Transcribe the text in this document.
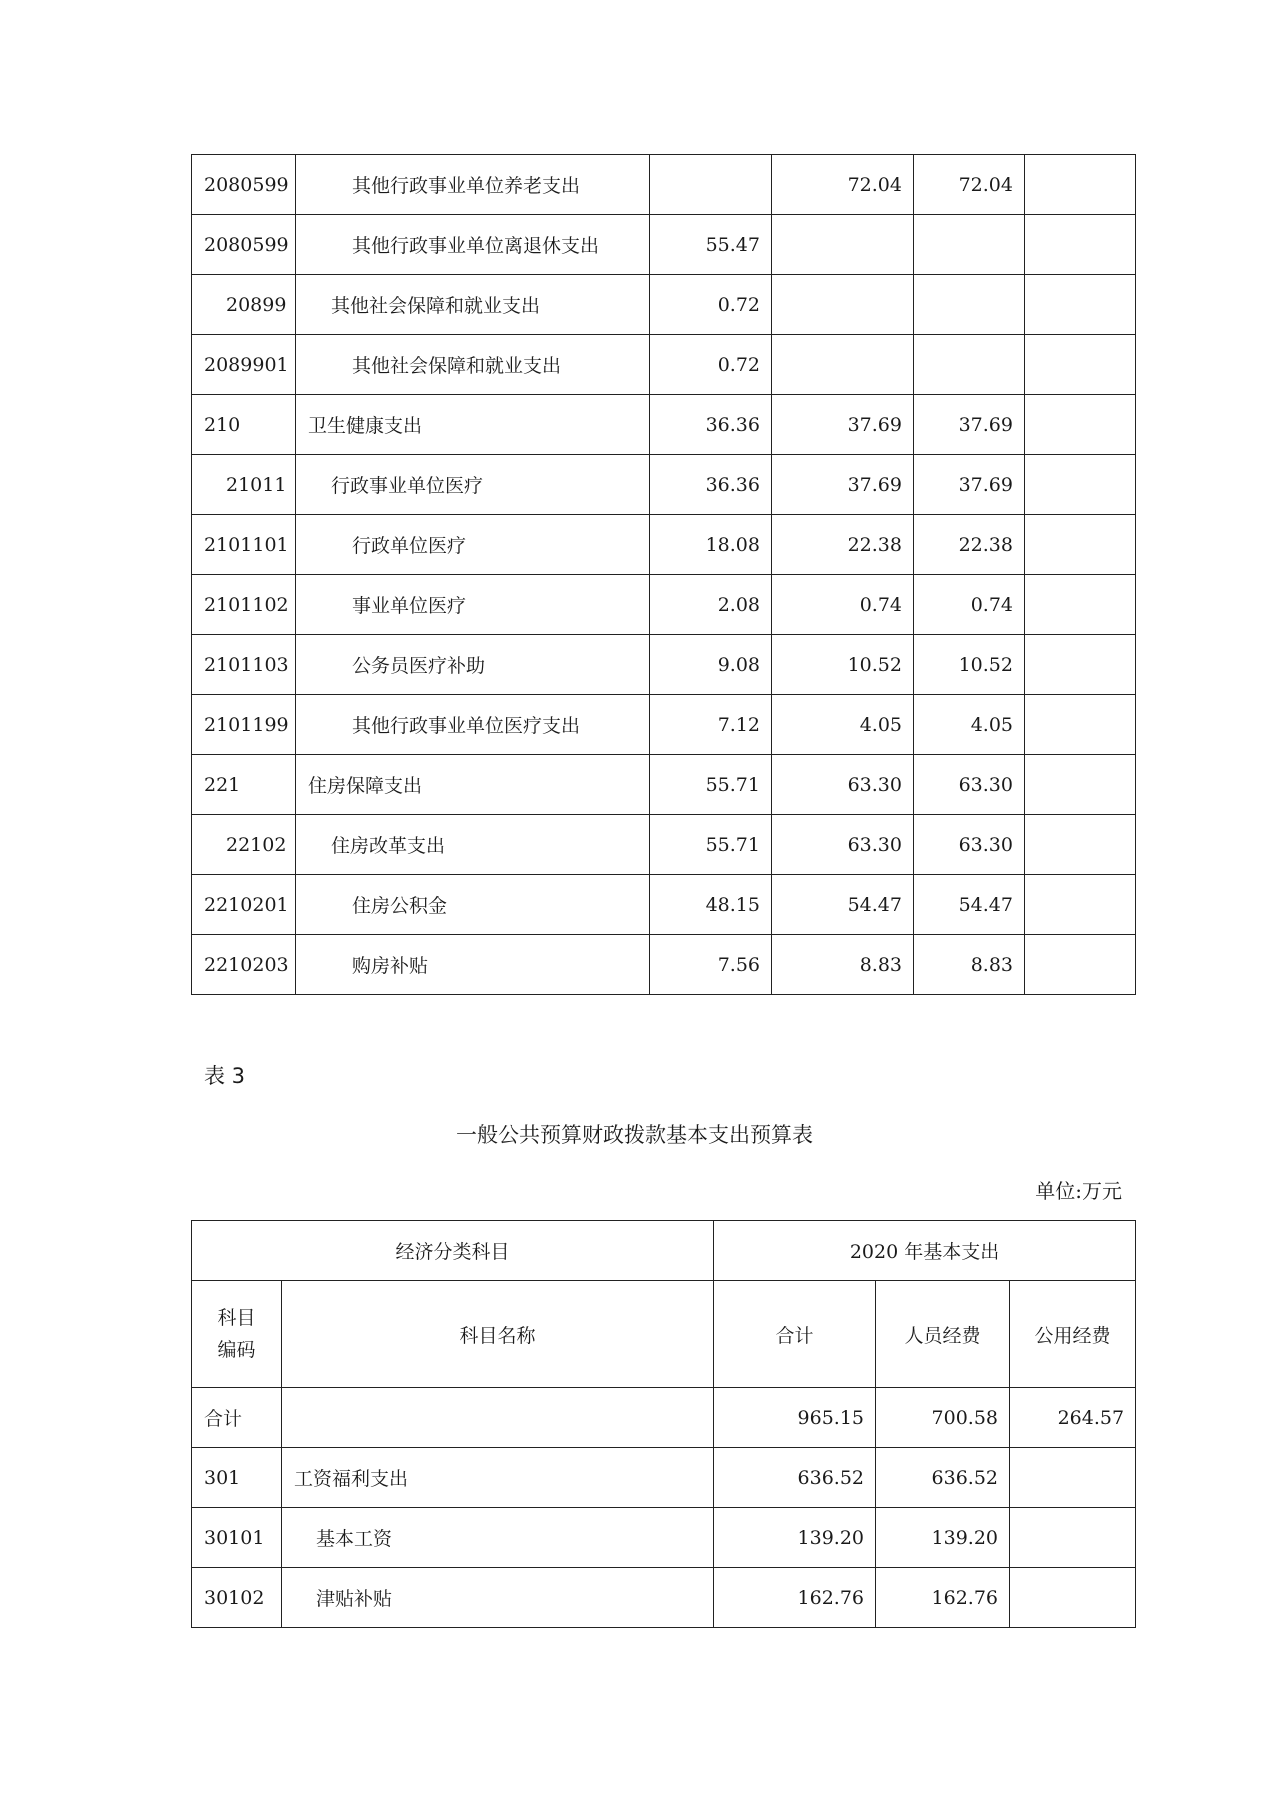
2080599	其他行政事业单位养老支出		72.04	72.04	
2080599	其他行政事业单位离退休支出	55.47			
20899	其他社会保障和就业支出	0.72			
2089901	其他社会保障和就业支出	0.72			
210	卫生健康支出	36.36	37.69	37.69	
21011	行政事业单位医疗	36.36	37.69	37.69	
2101101	行政单位医疗	18.08	22.38	22.38	
2101102	事业单位医疗	2.08	0.74	0.74	
2101103	公务员医疗补助	9.08	10.52	10.52	
2101199	其他行政事业单位医疗支出	7.12	4.05	4.05	
221	住房保障支出	55.71	63.30	63.30	
22102	住房改革支出	55.71	63.30	63.30	
2210201	住房公积金	48.15	54.47	54.47	
2210203	购房补贴	7.56	8.83	8.83	
表 3
一般公共预算财政拨款基本支出预算表
单位:万元
经济分类科目		2020 年基本支出		
科目
编码	科目名称	合计	人员经费	公用经费
合计		965.15	700.58	264.57
301	工资福利支出	636.52	636.52	
30101	基本工资	139.20	139.20	
30102	津贴补贴	162.76	162.76	
